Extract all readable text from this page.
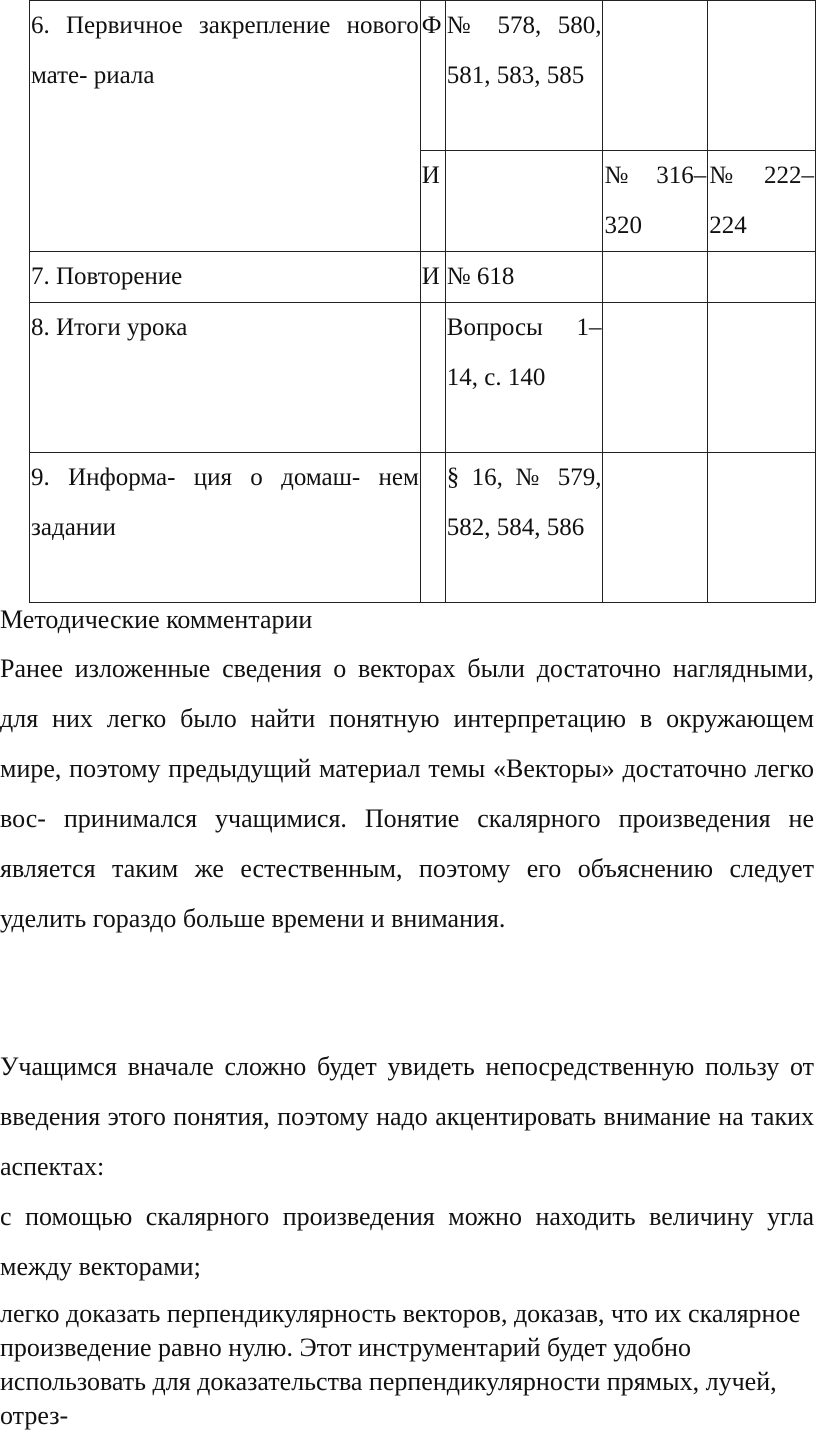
6. Первичное закрепление нового мате- риала	Ф	№ 578, 580, 581, 583, 585		
	И		№ 316–320	№ 222–224
7. Повторение	И	№ 618		
8. Итоги урока		Вопросы 1–14, с. 140		
9. Информа- ция о домаш- нем задании		§ 16, № 579, 582, 584, 586		
Методические комментарии
Ранее изложенные сведения о векторах были достаточно наглядными, для них легко было найти понятную интерпретацию в окружающем мире, поэтому предыдущий материал темы «Векторы» достаточно легко вос- принимался учащимися. Понятие скалярного произведения не является таким же естественным, поэтому его объяснению следует уделить гораздо больше времени и внимания.
Учащимся вначале сложно будет увидеть непосредственную пользу от введения этого понятия, поэтому надо акцентировать внимание на таких аспектах:
с помощью скалярного произведения можно находить величину угла между векторами;
легко доказать перпендикулярность векторов, доказав, что их скалярное произведение равно нулю. Этот инструментарий будет удобно использовать для доказательства перпендикулярности прямых, лучей, отрез-
